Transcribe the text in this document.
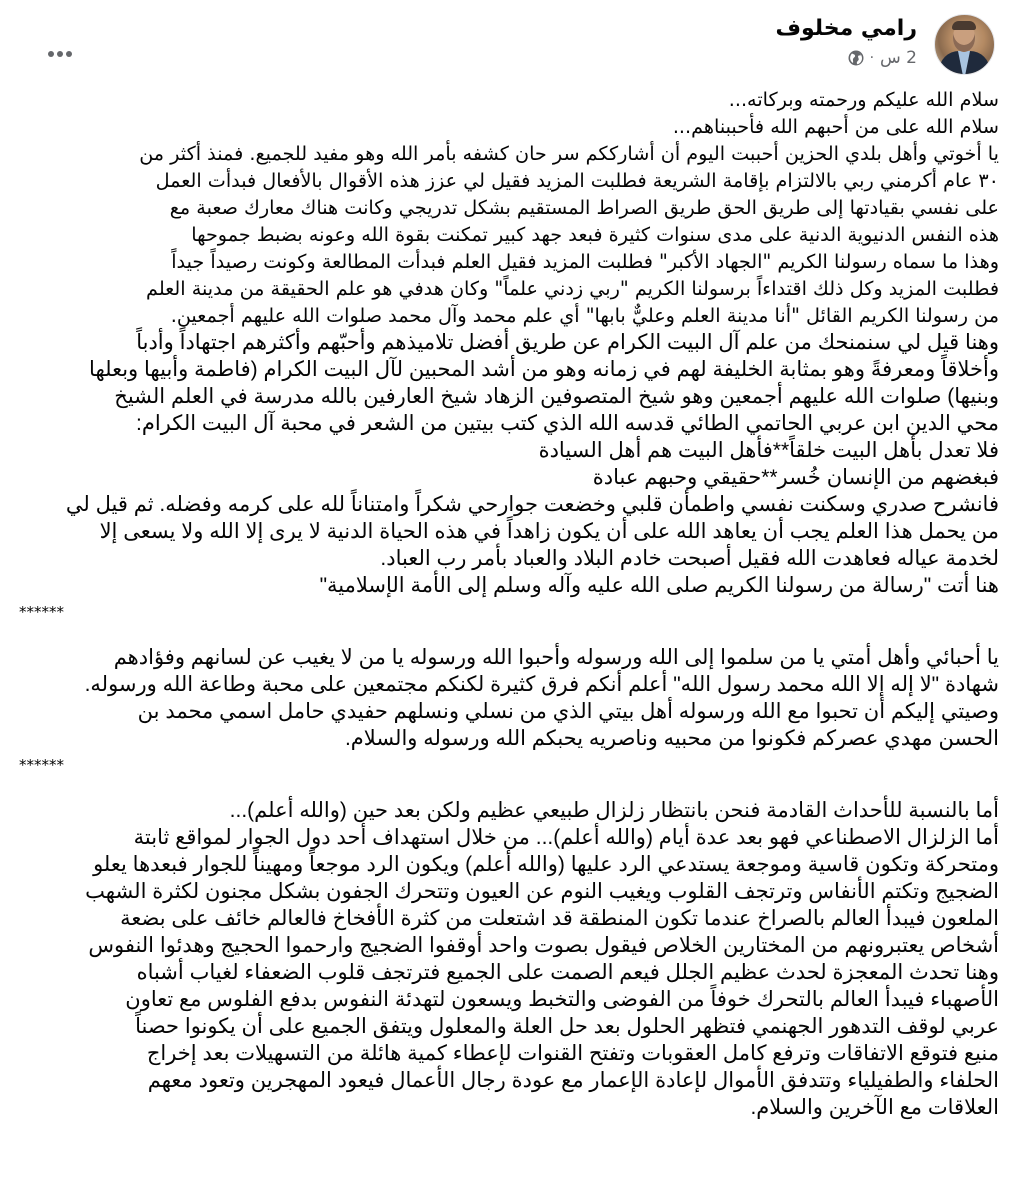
رامي مخلوف
2 س
·
سلام الله عليكم ورحمته وبركاته...
سلام الله على من أحبهم الله فأحببناهم...
يا أخوتي وأهل بلدي الحزين أحببت اليوم أن أشارككم سر حان كشفه بأمر الله وهو مفيد للجميع. فمنذ أكثر من
٣٠ عام أكرمني ربي بالالتزام بإقامة الشريعة فطلبت المزيد فقيل لي عزز هذه الأقوال بالأفعال فبدأت العمل
على نفسي بقيادتها إلى طريق الحق طريق الصراط المستقيم بشكل تدريجي وكانت هناك معارك صعبة مع
هذه النفس الدنيوية الدنية على مدى سنوات كثيرة فبعد جهد كبير تمكنت بقوة الله وعونه بضبط جموحها
وهذا ما سماه رسولنا الكريم "الجهاد الأكبر" فطلبت المزيد فقيل العلم فبدأت المطالعة وكونت رصيداً جيداً
فطلبت المزيد وكل ذلك اقتداءاً برسولنا الكريم "ربي زدني علماً" وكان هدفي هو علم الحقيقة من مدينة العلم
من رسولنا الكريم القائل "أنا مدينة العلم وعليٌّ بابها" أي علم محمد وآل محمد صلوات الله عليهم أجمعين.
وهنا قيل لي سنمنحك من علم آل البيت الكرام عن طريق أفضل تلاميذهم وأحبّهم وأكثرهم اجتهاداً وأدباً
وأخلاقاً ومعرفةً وهو بمثابة الخليفة لهم في زمانه وهو من أشد المحبين لآل البيت الكرام (فاطمة وأبيها وبعلها
وبنيها) صلوات الله عليهم أجمعين وهو شيخ المتصوفين الزهاد شيخ العارفين بالله مدرسة في العلم الشيخ
محي الدين ابن عربي الحاتمي الطائي قدسه الله الذي كتب بيتين من الشعر في محبة آل البيت الكرام:
فلا تعدل بأهل البيت خلقاً**فأهل البيت هم أهل السيادة
فبغضهم من الإنسان خُسر**حقيقي وحبهم عبادة
فانشرح صدري وسكنت نفسي واطمأن قلبي وخضعت جوارحي شكراً وامتناناً لله على كرمه وفضله. ثم قيل لي
من يحمل هذا العلم يجب أن يعاهد الله على أن يكون زاهداً في هذه الحياة الدنية لا يرى إلا الله ولا يسعى إلا
لخدمة عياله فعاهدت الله فقيل أصبحت خادم البلاد والعباد بأمر رب العباد.
هنا أتت "رسالة من رسولنا الكريم صلى الله عليه وآله وسلم إلى الأمة الإسلامية"
******
يا أحبائي وأهل أمتي يا من سلموا إلى الله ورسوله وأحبوا الله ورسوله يا من لا يغيب عن لسانهم وفؤادهم
شهادة "لا إله إلا الله محمد رسول الله" أعلم أنكم فرق كثيرة لكنكم مجتمعين على محبة وطاعة الله ورسوله.
وصيتي إليكم أن تحبوا مع الله ورسوله أهل بيتي الذي من نسلي ونسلهم حفيدي حامل اسمي محمد بن
الحسن مهدي عصركم فكونوا من محبيه وناصريه يحبكم الله ورسوله والسلام.
******
أما بالنسبة للأحداث القادمة فنحن بانتظار زلزال طبيعي عظيم ولكن بعد حين (والله أعلم)...
أما الزلزال الاصطناعي فهو بعد عدة أيام (والله أعلم)... من خلال استهداف أحد دول الجوار لمواقع ثابتة
ومتحركة وتكون قاسية وموجعة يستدعي الرد عليها (والله أعلم) ويكون الرد موجعاً ومهيناً للجوار فبعدها يعلو
الضجيج وتكتم الأنفاس وترتجف القلوب ويغيب النوم عن العيون وتتحرك الجفون بشكل مجنون لكثرة الشهب
الملعون فيبدأ العالم بالصراخ عندما تكون المنطقة قد اشتعلت من كثرة الأفخاخ فالعالم خائف على بضعة
أشخاص يعتبرونهم من المختارين الخلاص فيقول بصوت واحد أوقفوا الضجيج وارحموا الحجيج وهدئوا النفوس
وهنا تحدث المعجزة لحدث عظيم الجلل فيعم الصمت على الجميع فترتجف قلوب الضعفاء لغياب أشباه
الأصهباء فيبدأ العالم بالتحرك خوفاً من الفوضى والتخبط ويسعون لتهدئة النفوس بدفع الفلوس مع تعاون
عربي لوقف التدهور الجهنمي فتظهر الحلول بعد حل العلة والمعلول ويتفق الجميع على أن يكونوا حصناً
منيع فتوقع الاتفاقات وترفع كامل العقوبات وتفتح القنوات لإعطاء كمية هائلة من التسهيلات بعد إخراج
الحلفاء والطفيلياء وتتدفق الأموال لإعادة الإعمار مع عودة رجال الأعمال فيعود المهجرين وتعود معهم
العلاقات مع الآخرين والسلام.
